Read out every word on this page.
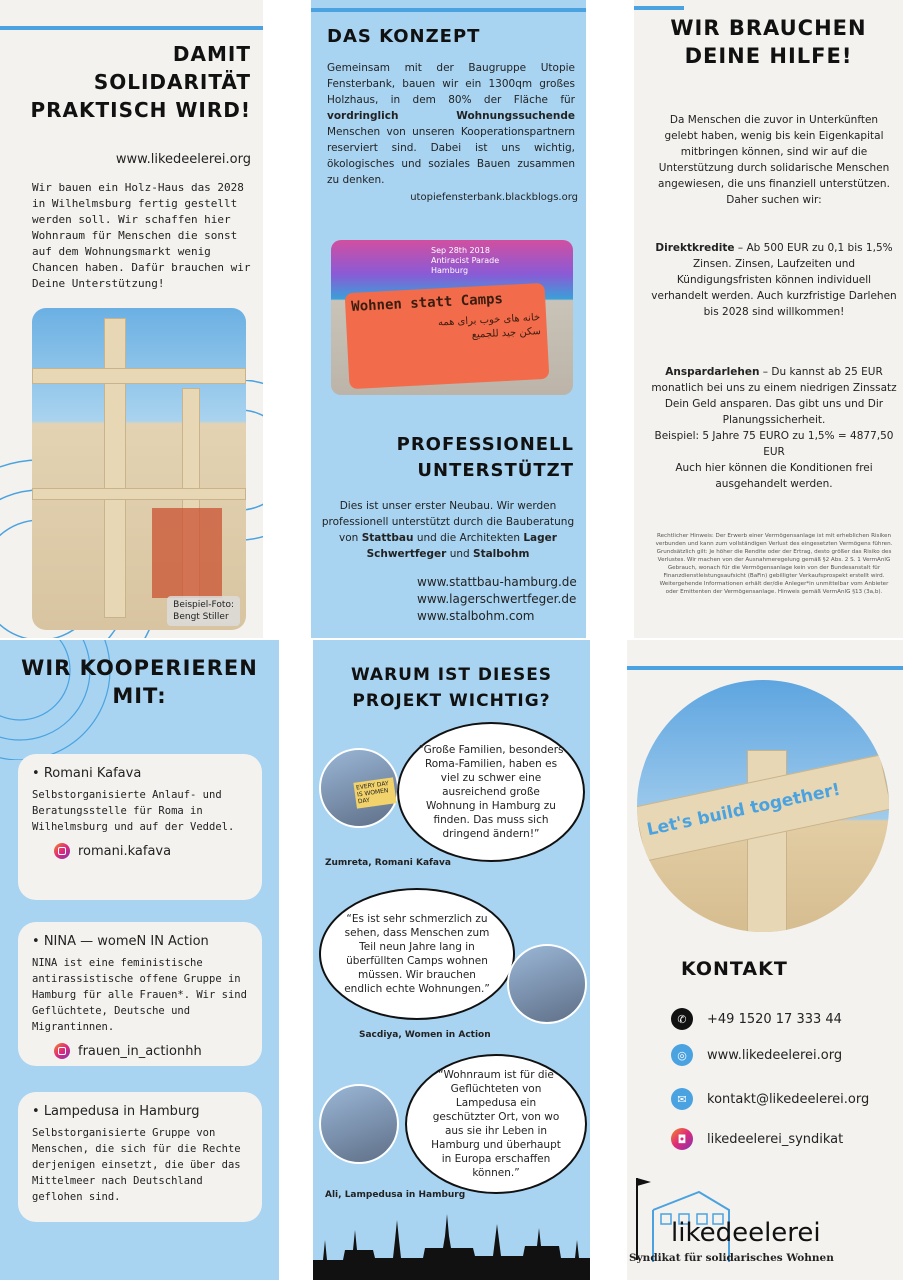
DAMIT SOLIDARITÄT PRAKTISCH WIRD!
www.likedeelerei.org
Wir bauen ein Holz-Haus das 2028 in Wilhelmsburg fertig gestellt werden soll. Wir schaffen hier Wohnraum für Menschen die sonst auf dem Wohnungsmarkt wenig Chancen haben. Dafür brauchen wir Deine Unterstützung!
Beispiel-Foto:
Bengt Stiller
DAS KONZEPT
Gemeinsam mit der Baugruppe Utopie Fensterbank, bauen wir ein 1300qm großes Holzhaus, in dem 80% der Fläche für vordringlich Wohnungssuchende Menschen von unseren Kooperationspartnern reserviert sind. Dabei ist uns wichtig, ökologisches und soziales Bauen zusammen zu denken.
utopiefensterbank.blackblogs.org
Sep 28th 2018 Antiracist Parade Hamburg
Wohnen statt Camps
خانه های خوب برای همه
سكن جيد للجميع
PROFESSIONELL
UNTERSTÜTZT
Dies ist unser erster Neubau. Wir werden professionell unterstützt durch die Bauberatung von Stattbau und die Architekten Lager Schwertfeger und Stalbohm
www.stattbau-hamburg.de
www.lagerschwertfeger.de
www.stalbohm.com
WIR BRAUCHEN DEINE HILFE!
Da Menschen die zuvor in Unterkünften gelebt haben, wenig bis kein Eigenkapital mitbringen können, sind wir auf die Unterstützung durch solidarische Menschen angewiesen, die uns finanziell unterstützen. Daher suchen wir:
Direktkredite – Ab 500 EUR zu 0,1 bis 1,5% Zinsen. Zinsen, Laufzeiten und Kündigungsfristen können individuell verhandelt werden. Auch kurzfristige Darlehen bis 2028 sind willkommen!
Anspardarlehen – Du kannst ab 25 EUR monatlich bei uns zu einem niedrigen Zinssatz Dein Geld ansparen. Das gibt uns und Dir Planungssicherheit.
Beispiel: 5 Jahre 75 EURO zu 1,5% = 4877,50 EUR
Auch hier können die Konditionen frei ausgehandelt werden.
Rechtlicher Hinweis: Der Erwerb einer Vermögensanlage ist mit erheblichen Risiken verbunden und kann zum vollständigen Verlust des eingesetzten Vermögens führen. Grundsätzlich gilt: Je höher die Rendite oder der Ertrag, desto größer das Risiko des Verlustes. Wir machen von der Ausnahmeregelung gemäß §2 Abs. 2 S. 1 VermAnlG Gebrauch, wonach für die Vermögensanlage kein von der Bundesanstalt für Finanzdienstleistungsaufsicht (BaFin) gebilligter Verkaufsprospekt erstellt wird. Weitergehende Informationen erhält der/die Anleger*in unmittelbar vom Anbieter oder Emittenten der Vermögensanlage. Hinweis gemäß VermAnlG §13 (3a,b).
WIR KOOPERIEREN MIT:
• Romani Kafava
Selbstorganisierte Anlauf- und Beratungsstelle für Roma in Wilhelmsburg und auf der Veddel.
romani.kafava
• NINA — womeN IN Action
NINA ist eine feministische antirassistische offene Gruppe in Hamburg für alle Frauen*. Wir sind Geflüchtete, Deutsche und Migrantinnen.
frauen_in_actionhh
• Lampedusa in Hamburg
Selbstorganisierte Gruppe von Menschen, die sich für die Rechte derjenigen einsetzt, die über das Mittelmeer nach Deutschland geflohen sind.
WARUM IST DIESES PROJEKT WICHTIG?
EVERY DAY IS WOMEN DAY
“Große Familien, besonders Roma-Familien, haben es viel zu schwer eine ausreichend große Wohnung in Hamburg zu finden. Das muss sich dringend ändern!”
Zumreta, Romani Kafava
“Es ist sehr schmerzlich zu sehen, dass Menschen zum Teil neun Jahre lang in überfüllten Camps wohnen müssen. Wir brauchen endlich echte Wohnungen.”
Sacdiya, Women in Action
“Wohnraum ist für die Geflüchteten von Lampedusa ein geschützter Ort, von wo aus sie ihr Leben in Hamburg und überhaupt in Europa erschaffen können.”
Ali, Lampedusa in Hamburg
Let's build together!
KONTAKT
✆	+49 1520 17 333 44
◎	www.likedeelerei.org
✉	kontakt@likedeelerei.org
◘	likedeelerei_syndikat
likedeelerei
Syndikat für solidarisches Wohnen
